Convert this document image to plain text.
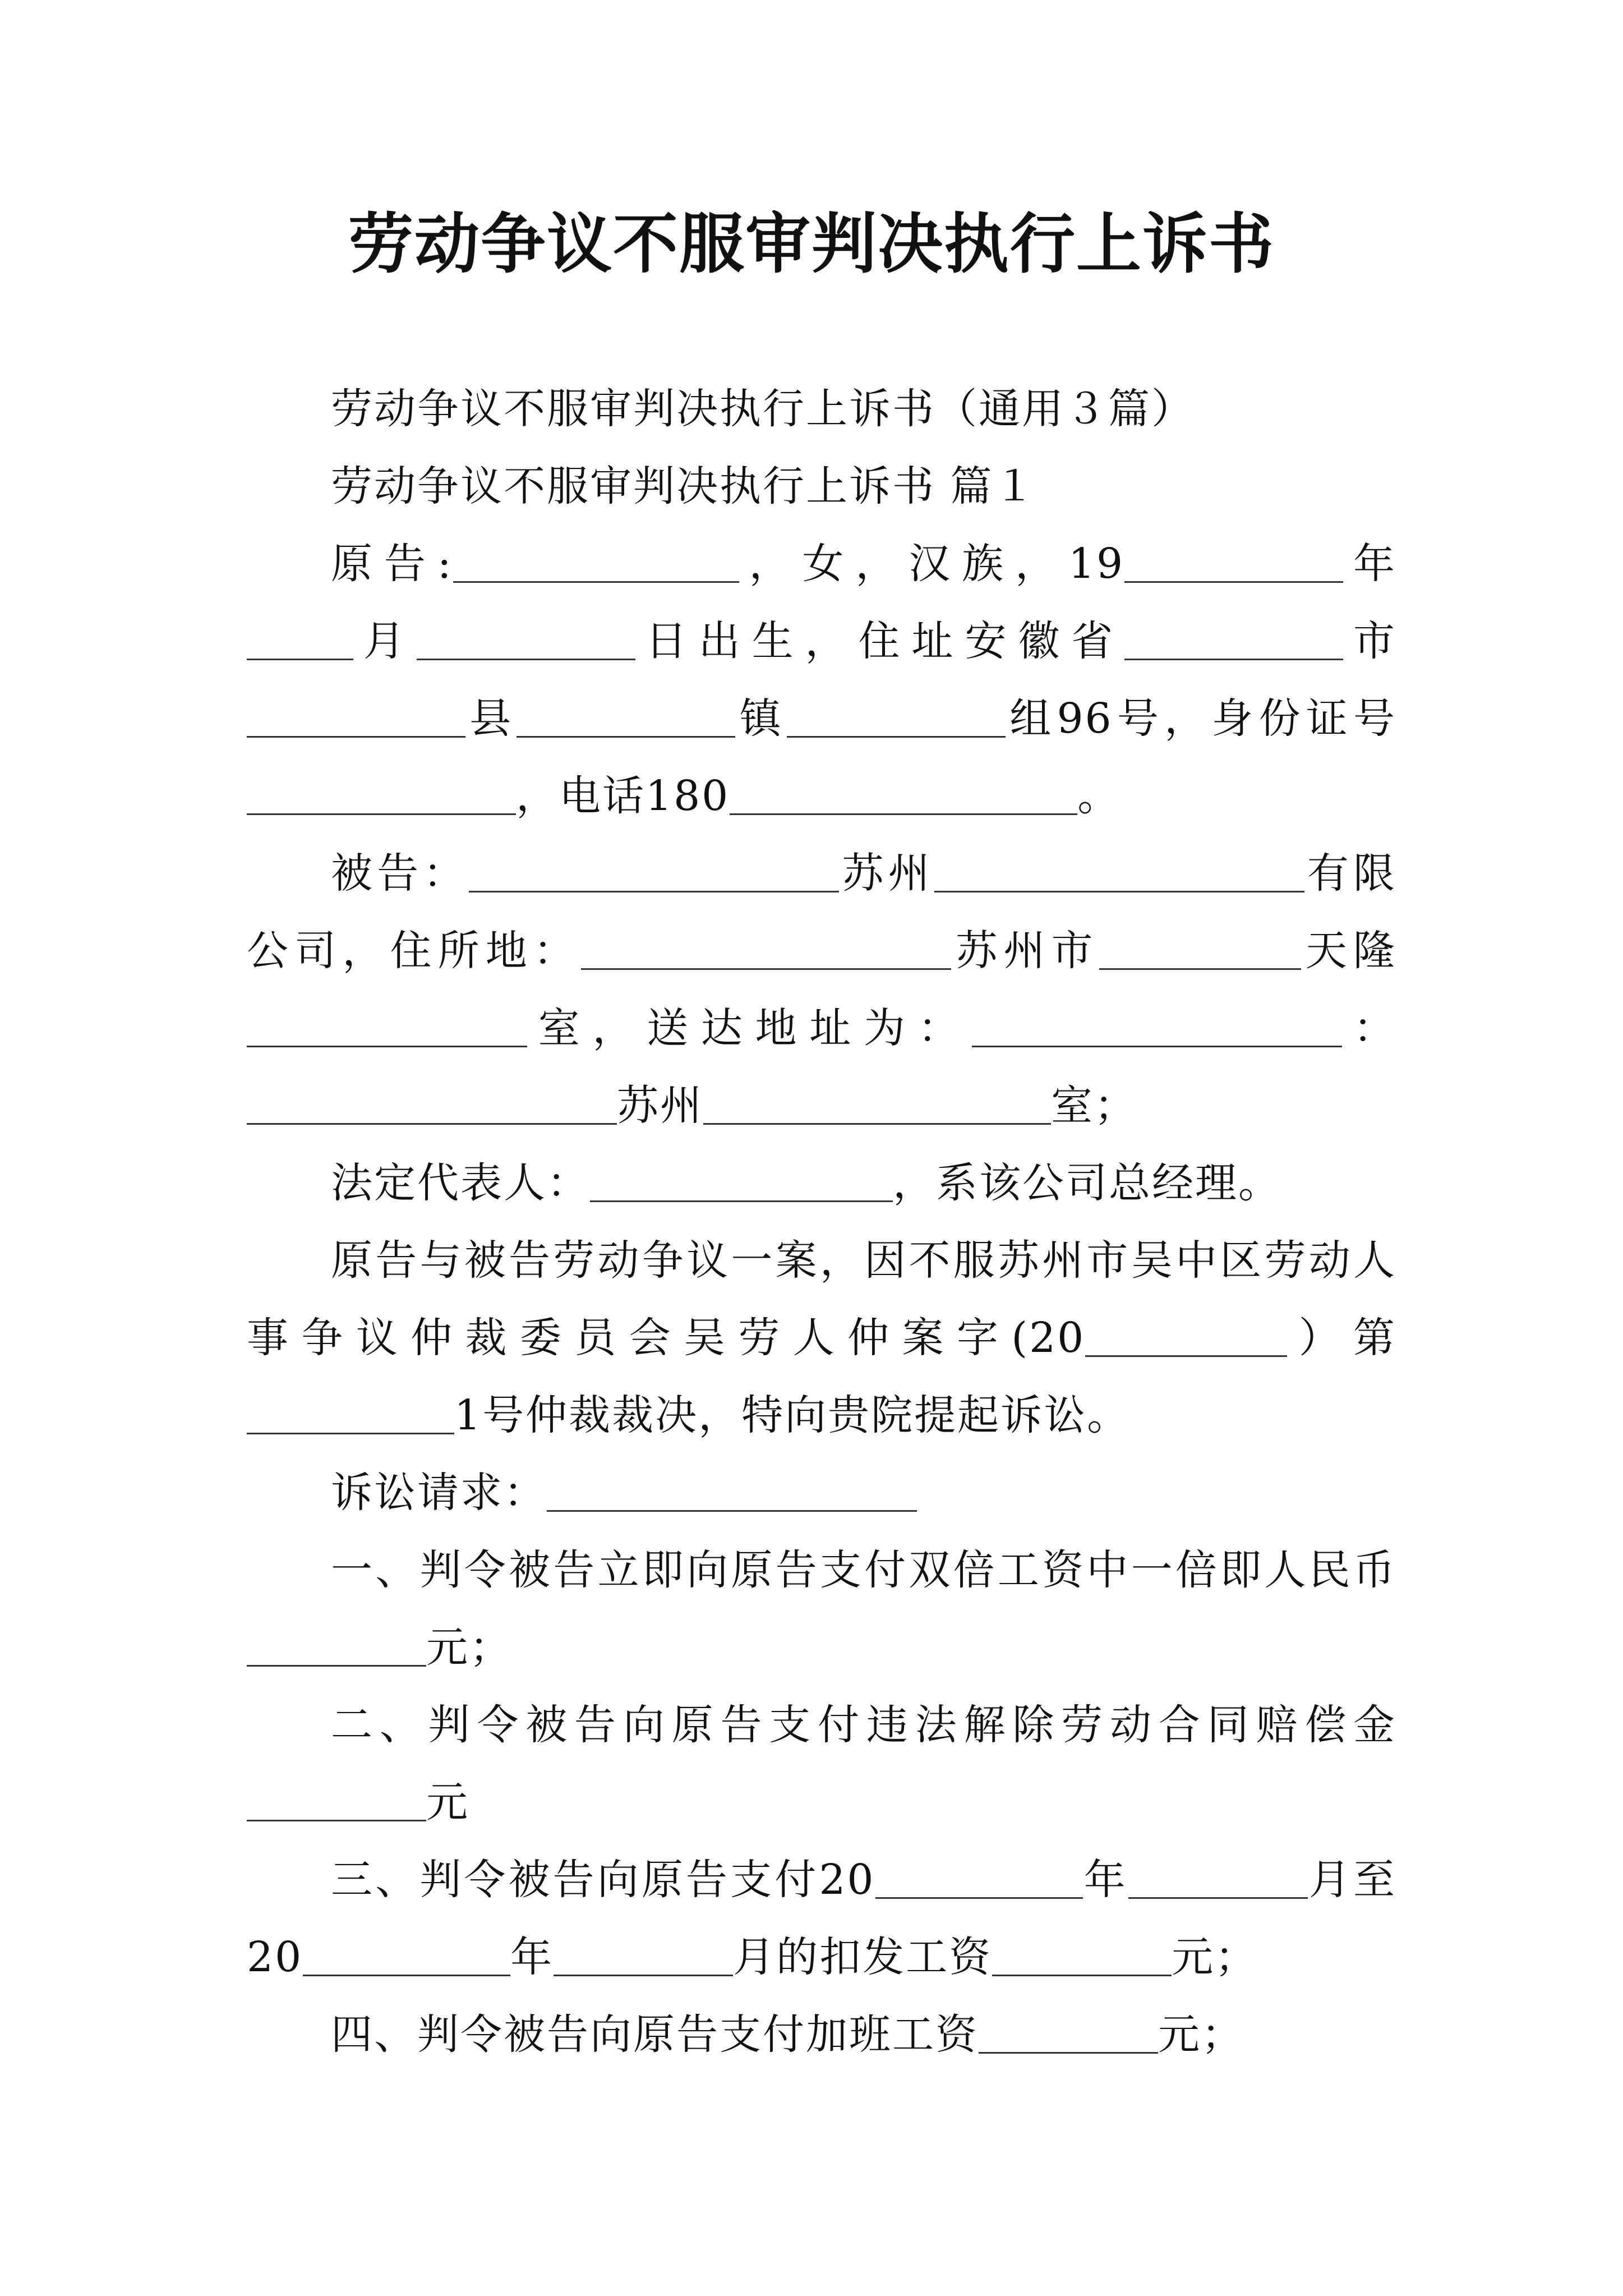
劳动争议不服审判决执行上诉书

劳动争议不服审判决执行上诉书（通用３篇）

劳动争议不服审判决执行上诉书 篇１

原告:	，女，汉族，19	年月	日出生，住址安徽省	市县	镇	组96号，身份证号，电话180	。

被告：	苏州	有限公司，住所地：	苏州市	天隆室，送达地址为：	：苏州	室；

法定代表人：	，系该公司总经理。

原告与被告劳动争议一案，因不服苏州市吴中区劳动人事争议仲裁委员会吴劳人仲案字(20	）第1号仲裁裁决，特向贵院提起诉讼。

诉讼请求：

一、判令被告立即向原告支付双倍工资中一倍即人民币元；

二、判令被告向原告支付违法解除劳动合同赔偿金元

三、判令被告向原告支付20	年	月至20	年	月的扣发工资	元；

四、判令被告向原告支付加班工资	元；
